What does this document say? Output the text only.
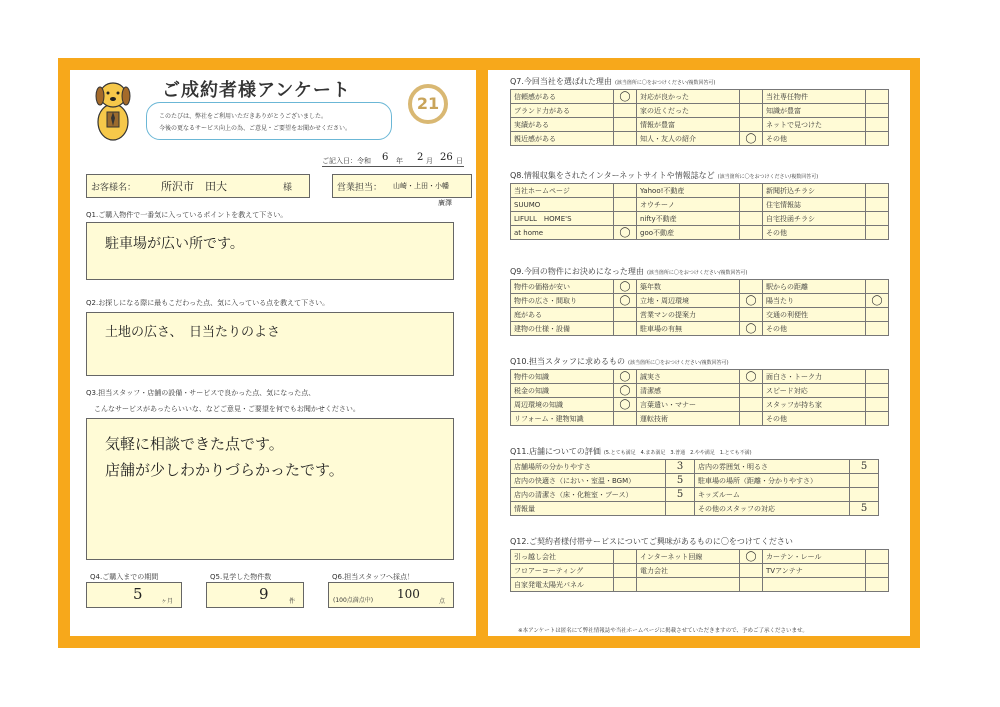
ご成約者様アンケート
このたびは、弊社をご利用いただきありがとうございました。
今後の更なるサービス向上の為、ご意見・ご要望をお聞かせください。
21
ご記入日：令和 6 年 2 月 26 日
お客様名： 所沢市　田大	様	営業担当： 山崎・上田・小幡
廣澤
Q1.ご購入物件で一番気に入っているポイントを教えて下さい。
駐車場が広い所です。
Q2.お探しになる際に最もこだわった点、気に入っている点を教えて下さい。
土地の広さ、　日当たりのよさ
Q3.担当スタッフ・店舗の設備・サービスで良かった点、気になった点、
こんなサービスがあったらいいな、などご意見・ご要望を何でもお聞かせください。
気軽に相談できた点です。
店舗が少しわかりづらかったです。
Q4.ご購入までの期間
5	ヶ月
Q5.見学した物件数
9	件
Q6.担当スタッフへ採点！
(100点満点中) 100
点
Q7.今回当社を選ばれた理由 (該当箇所に〇をおつけください/複数回答可)
信頼感がある	◯	対応が良かった		当社専任物件	
ブランド力がある		家の近くだった		知識が豊富	
実績がある		情報が豊富		ネットで見つけた	
親近感がある		知人・友人の紹介	◯	その他	
Q8.情報収集をされたインターネットサイトや情報誌など (該当箇所に〇をおつけください/複数回答可)
当社ホームページ		Yahoo!不動産		新聞折込チラシ	
SUUMO		オウチーノ		住宅情報誌	
LIFULL　HOME'S		nifty不動産		自宅投函チラシ	
at home	◯	goo不動産		その他	
Q9.今回の物件にお決めになった理由 (該当箇所に〇をおつけください/複数回答可)
物件の価格が安い	◯	築年数		駅からの距離	
物件の広さ・間取り	◯	立地・周辺環境	◯	陽当たり	◯
庭がある		営業マンの提案力		交通の利便性	
建物の仕様・設備		駐車場の有無	◯	その他	
Q10.担当スタッフに求めるもの (該当箇所に〇をおつけください/複数回答可)
物件の知識	◯	誠実さ	◯	面白さ・トーク力	
税金の知識	◯	清潔感		スピード対応	
周辺環境の知識	◯	言葉遣い・マナー		スタッフが持ち家	
リフォーム・建物知識		運転技術		その他	
Q11.店舗についての評価 (5.とても満足　4.まあ満足　3.普通　2.やや満足　1.とても不満)
店舗場所の分かりやすさ	3	店内の雰囲気・明るさ	5
店内の快適さ（におい・室温・BGM）	5	駐車場の場所（距離・分かりやすさ）	
店内の清潔さ（床・化粧室・ブース）	5	キッズルーム	
情報量		その他のスタッフの対応	5
Q12.ご契約者様付帯サービスについてご興味があるものに〇をつけてください
引っ越し会社		インターネット回線	◯	カーテン・レール	
フロアーコーティング		電力会社		TVアンテナ	
自家発電太陽光パネル					
※本アンケートは匿名にて弊社情報誌や当社ホームページに掲載させていただきますので、予めご了承くださいませ。
